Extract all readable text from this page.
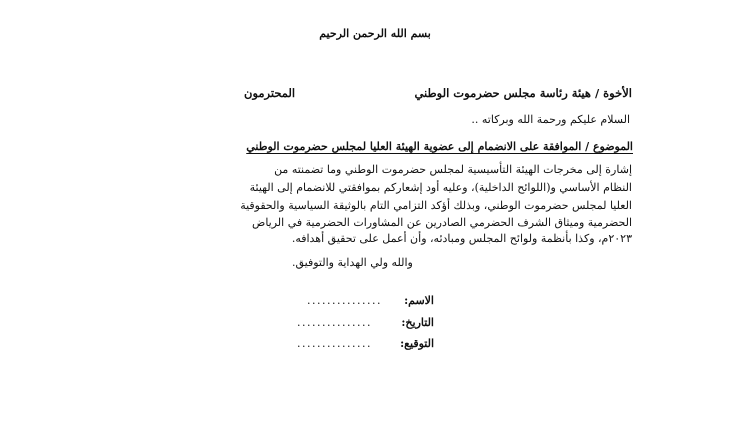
بسم الله الرحمن الرحيم
الأخوة / هيئة رئاسة مجلس حضرموت الوطني
المحترمون
السلام عليكم ورحمة الله وبركاته ..
الموضوع / الموافقة على الانضمام إلى عضوية الهيئة العليا لمجلس حضرموت الوطني
إشارة إلى مخرجات الهيئة التأسيسية لمجلس حضرموت الوطني وما تضمنته من
النظام الأساسي و(اللوائح الداخلية)، وعليه أود إشعاركم بموافقتي للانضمام إلى الهيئة
العليا لمجلس حضرموت الوطني، وبذلك أؤكد التزامي التام بالوثيقة السياسية والحقوقية
الحضرمية وميثاق الشرف الحضرمي الصادرين عن المشاورات الحضرمية في الرياض
٢٠٢٣م، وكذا بأنظمة ولوائح المجلس ومبادئه، وأن أعمل على تحقيق أهدافه.
والله ولي الهداية والتوفيق.
الاسم:
...............
التاريخ:
...............
التوقيع:
...............
